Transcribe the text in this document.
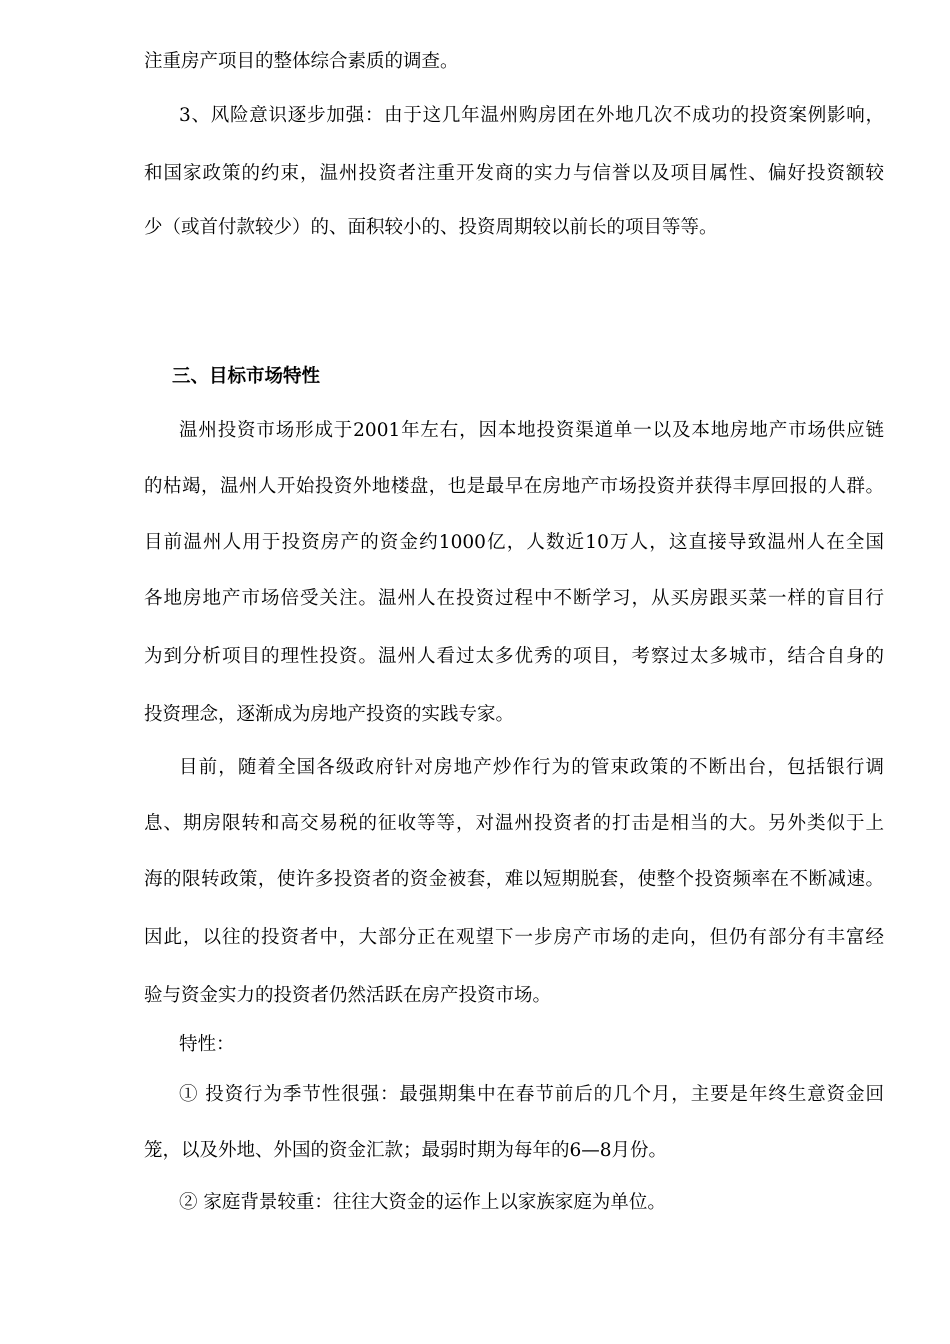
注重房产项目的整体综合素质的调查。
3、风险意识逐步加强：由于这几年温州购房团在外地几次不成功的投资案例影响，
和国家政策的约束，温州投资者注重开发商的实力与信誉以及项目属性、偏好投资额较
少（或首付款较少）的、面积较小的、投资周期较以前长的项目等等。
三、目标市场特性
温州投资市场形成于2001年左右，因本地投资渠道单一以及本地房地产市场供应链
的枯竭，温州人开始投资外地楼盘，也是最早在房地产市场投资并获得丰厚回报的人群。
目前温州人用于投资房产的资金约1000亿，人数近10万人，这直接导致温州人在全国
各地房地产市场倍受关注。温州人在投资过程中不断学习，从买房跟买菜一样的盲目行
为到分析项目的理性投资。温州人看过太多优秀的项目，考察过太多城市，结合自身的
投资理念，逐渐成为房地产投资的实践专家。
目前，随着全国各级政府针对房地产炒作行为的管束政策的不断出台，包括银行调
息、期房限转和高交易税的征收等等，对温州投资者的打击是相当的大。另外类似于上
海的限转政策，使许多投资者的资金被套，难以短期脱套，使整个投资频率在不断减速。
因此，以往的投资者中，大部分正在观望下一步房产市场的走向，但仍有部分有丰富经
验与资金实力的投资者仍然活跃在房产投资市场。
特性：
① 投资行为季节性很强：最强期集中在春节前后的几个月，主要是年终生意资金回
笼，以及外地、外国的资金汇款；最弱时期为每年的6—8月份。
② 家庭背景较重：往往大资金的运作上以家族家庭为单位。
